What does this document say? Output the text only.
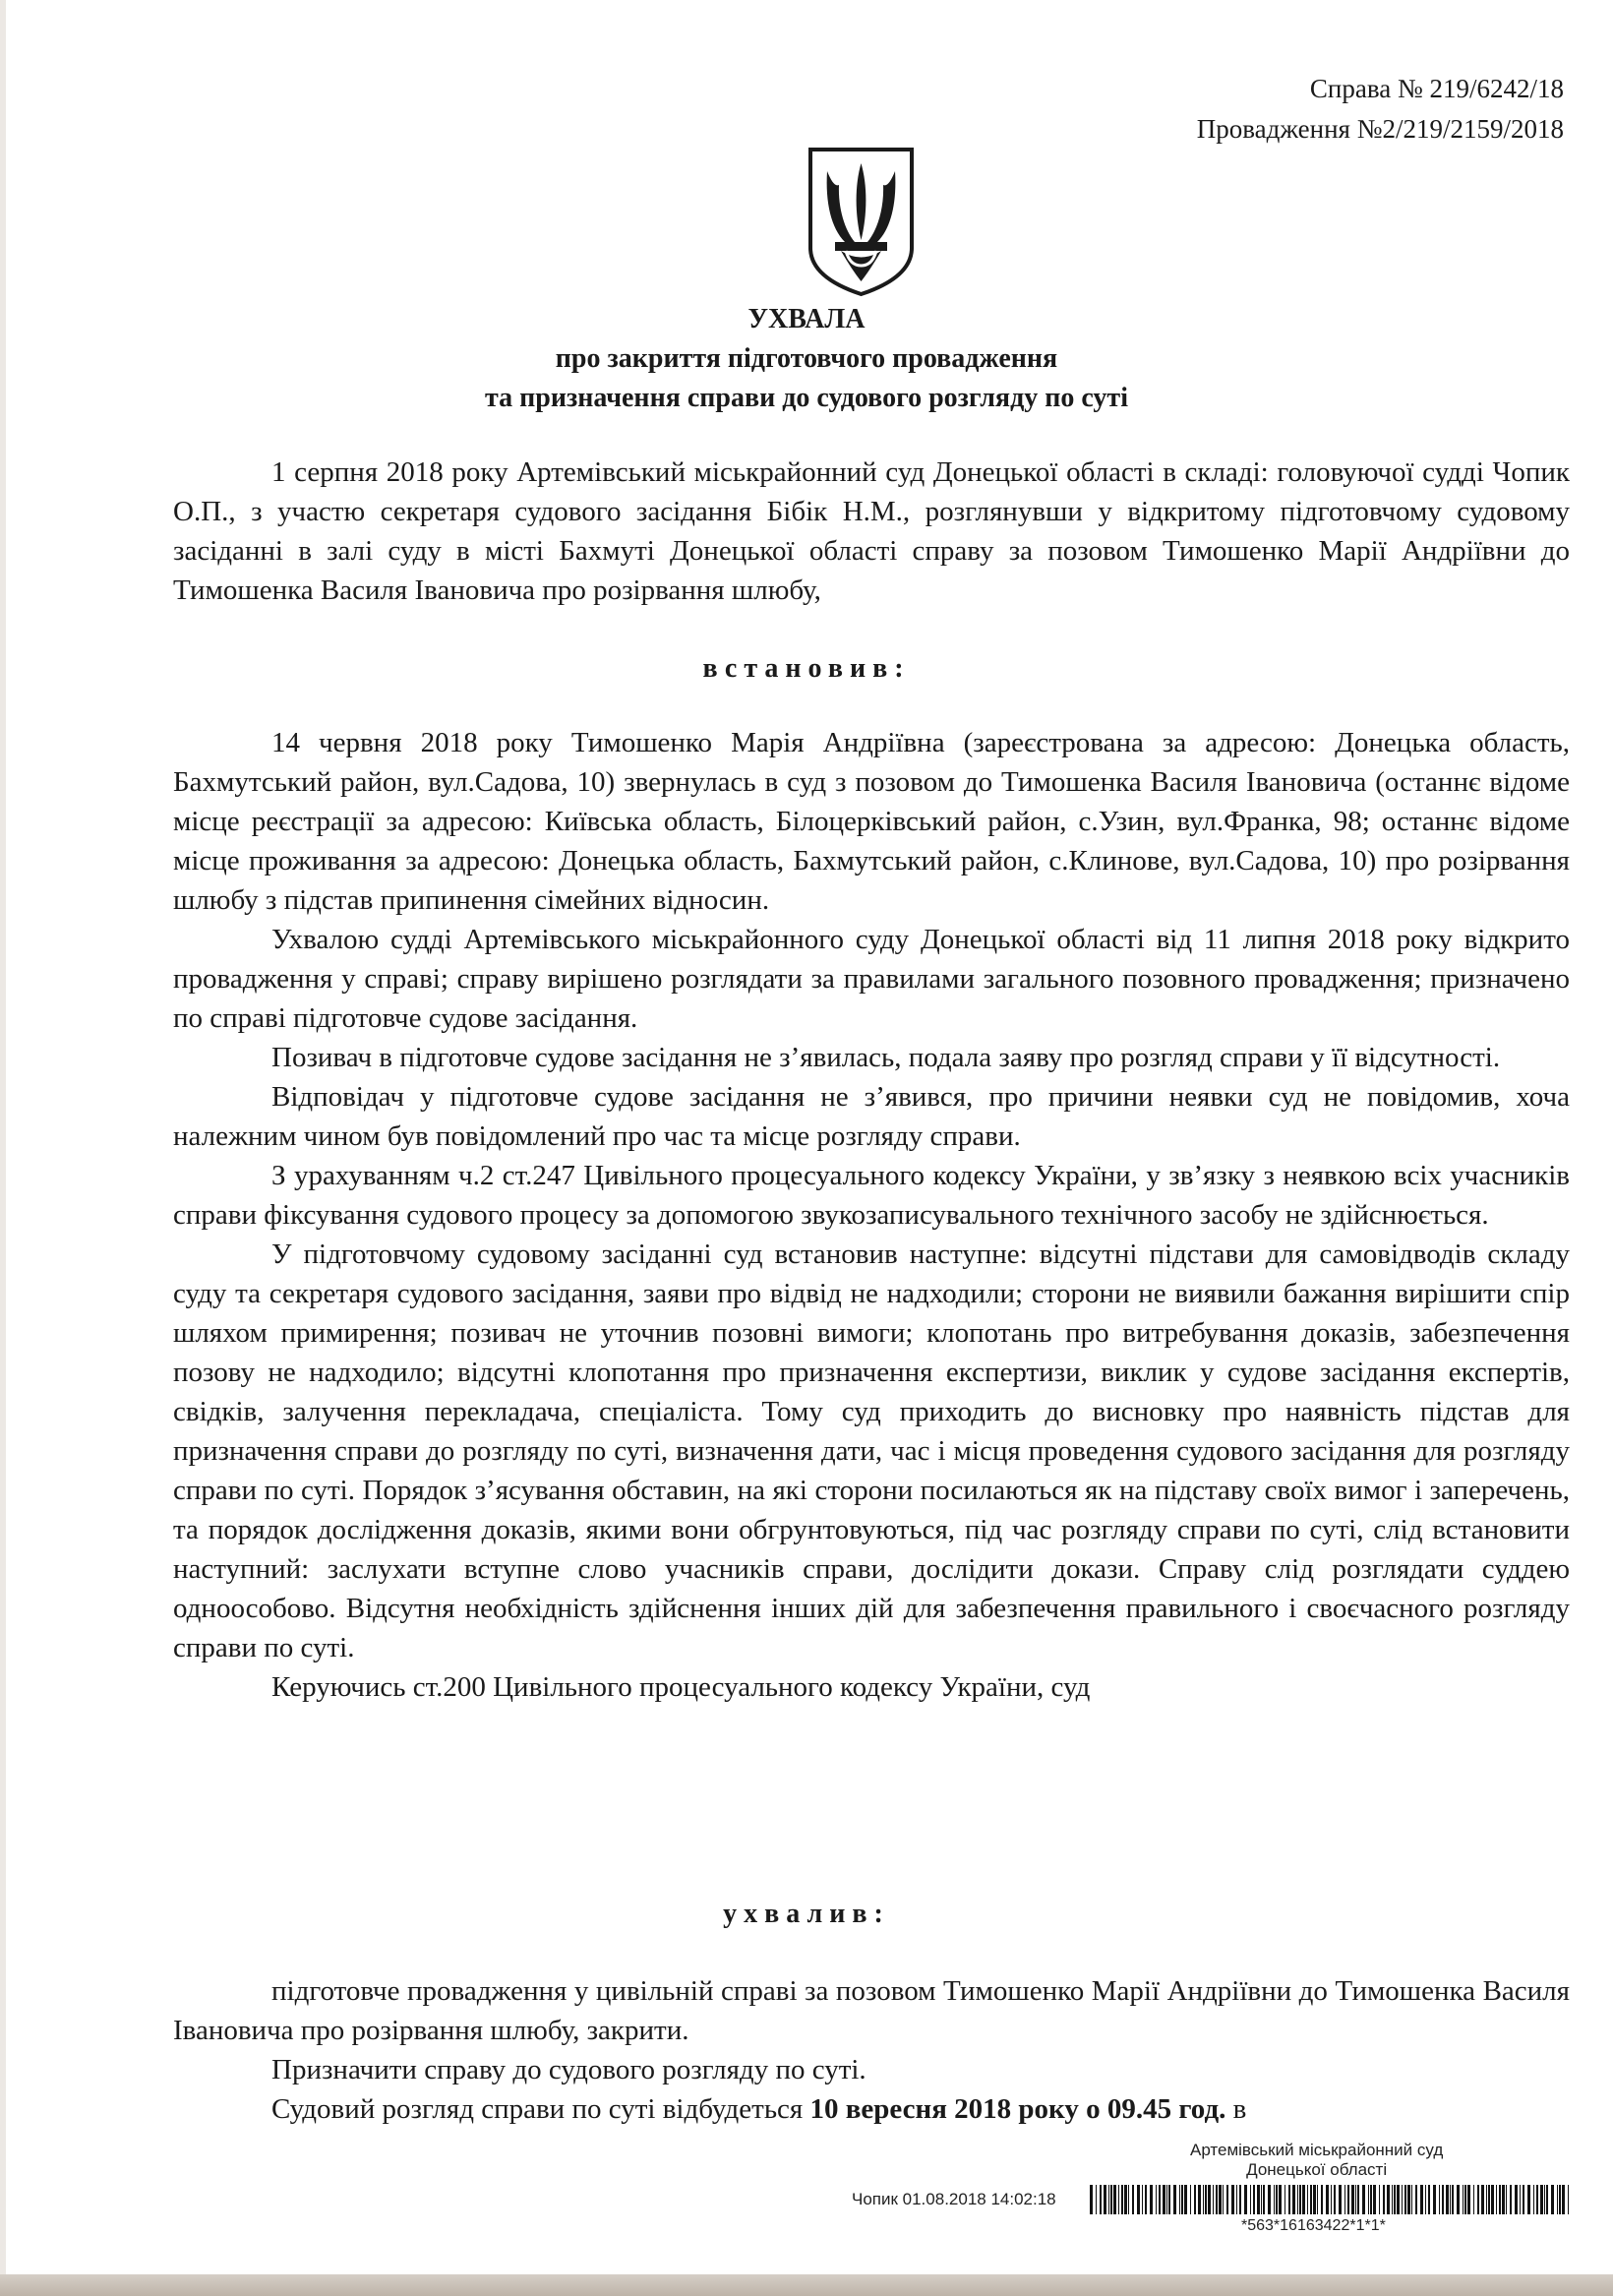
Справа № 219/6242/18
Провадження №2/219/2159/2018
УХВАЛА
про закриття підготовчого провадження
та призначення справи до судового розгляду по суті

1 серпня 2018 року Артемівський міськрайонний суд Донецької області в складі: головуючої судді Чопик О.П., з участю секретаря судового засідання Бібік Н.М., розглянувши у відкритому підготовчому судовому засіданні в залі суду в місті Бахмуті Донецької області справу за позовом Тимошенко Марії Андріївни до Тимошенка Василя Івановича про розірвання шлюбу,

встановив:

14 червня 2018 року Тимошенко Марія Андріївна (зареєстрована за адресою: Донецька область, Бахмутський район, вул.Садова, 10) звернулась в суд з позовом до Тимошенка Василя Івановича (останнє відоме місце реєстрації за адресою: Київська область, Білоцерківський район, с.Узин, вул.Франка, 98; останнє відоме місце проживання за адресою: Донецька область, Бахмутський район, с.Клинове, вул.Садова, 10) про розірвання шлюбу з підстав припинення сімейних відносин.

Ухвалою судді Артемівського міськрайонного суду Донецької області від 11 липня 2018 року відкрито провадження у справі; справу вирішено розглядати за правилами загального позовного провадження; призначено по справі підготовче судове засідання.

Позивач в підготовче судове засідання не з’явилась, подала заяву про розгляд справи у її відсутності.

Відповідач у підготовче судове засідання не з’явився, про причини неявки суд не повідомив, хоча належним чином був повідомлений про час та місце розгляду справи.

З урахуванням ч.2 ст.247 Цивільного процесуального кодексу України, у зв’язку з неявкою всіх учасників справи фіксування судового процесу за допомогою звукозаписувального технічного засобу не здійснюється.

У підготовчому судовому засіданні суд встановив наступне: відсутні підстави для самовідводів складу суду та секретаря судового засідання, заяви про відвід не надходили; сторони не виявили бажання вирішити спір шляхом примирення; позивач не уточнив позовні вимоги; клопотань про витребування доказів, забезпечення позову не надходило; відсутні клопотання про призначення експертизи, виклик у судове засідання експертів, свідків, залучення перекладача, спеціаліста. Тому суд приходить до висновку про наявність підстав для призначення справи до розгляду по суті, визначення дати, час і місця проведення судового засідання для розгляду справи по суті. Порядок з’ясування обставин, на які сторони посилаються як на підставу своїх вимог і заперечень, та порядок дослідження доказів, якими вони обгрунтовуються, під час розгляду справи по суті, слід встановити наступний: заслухати вступне слово учасників справи, дослідити докази. Справу слід розглядати суддею одноособово. Відсутня необхідність здійснення інших дій для забезпечення правильного і своєчасного розгляду справи по суті.

Керуючись ст.200 Цивільного процесуального кодексу України, суд

ухвалив:

підготовче провадження у цивільній справі за позовом Тимошенко Марії Андріївни до Тимошенка Василя Івановича про розірвання шлюбу, закрити.

Призначити справу до судового розгляду по суті.

Судовий розгляд справи по суті відбудеться 10 вересня 2018 року о 09.45 год. в

Артемівський міськрайонний суд
Донецької області
Чопик 01.08.2018 14:02:18
*563*16163422*1*1*
